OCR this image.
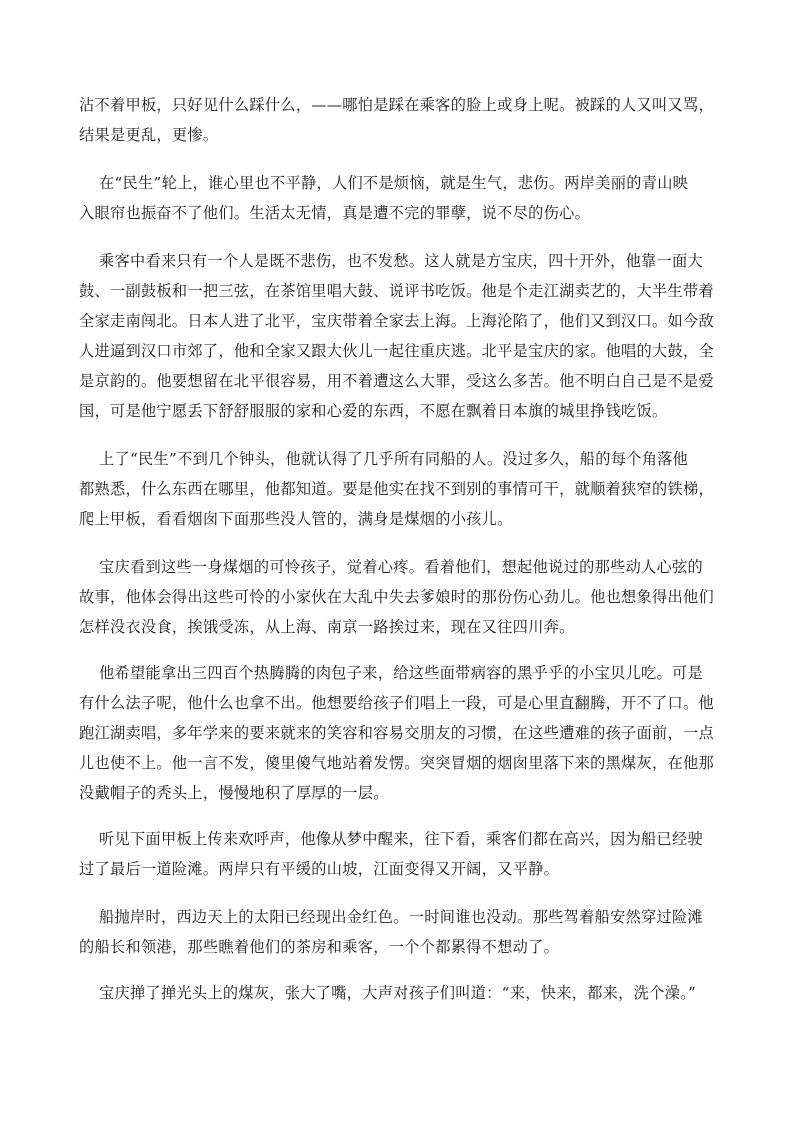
沾不着甲板，只好见什么踩什么，——哪怕是踩在乘客的脸上或身上呢。被踩的人又叫又骂，
结果是更乱，更惨。

在“民生”轮上，谁心里也不平静，人们不是烦恼，就是生气，悲伤。两岸美丽的青山映
入眼帘也振奋不了他们。生活太无情，真是遭不完的罪孽，说不尽的伤心。

乘客中看来只有一个人是既不悲伤，也不发愁。这人就是方宝庆，四十开外，他靠一面大
鼓、一副鼓板和一把三弦，在茶馆里唱大鼓、说评书吃饭。他是个走江湖卖艺的，大半生带着
全家走南闯北。日本人进了北平，宝庆带着全家去上海。上海沦陷了，他们又到汉口。如今敌
人进逼到汉口市郊了，他和全家又跟大伙儿一起往重庆逃。北平是宝庆的家。他唱的大鼓，全
是京韵的。他要想留在北平很容易，用不着遭这么大罪，受这么多苦。他不明白自己是不是爱
国，可是他宁愿丢下舒舒服服的家和心爱的东西，不愿在飘着日本旗的城里挣钱吃饭。

上了“民生”不到几个钟头，他就认得了几乎所有同船的人。没过多久，船的每个角落他
都熟悉，什么东西在哪里，他都知道。要是他实在找不到别的事情可干，就顺着狭窄的铁梯，
爬上甲板，看看烟囱下面那些没人管的，满身是煤烟的小孩儿。

宝庆看到这些一身煤烟的可怜孩子，觉着心疼。看着他们，想起他说过的那些动人心弦的
故事，他体会得出这些可怜的小家伙在大乱中失去爹娘时的那份伤心劲儿。他也想象得出他们
怎样没衣没食，挨饿受冻，从上海、南京一路挨过来，现在又往四川奔。

他希望能拿出三四百个热腾腾的肉包子来，给这些面带病容的黑乎乎的小宝贝儿吃。可是
有什么法子呢，他什么也拿不出。他想要给孩子们唱上一段，可是心里直翻腾，开不了口。他
跑江湖卖唱，多年学来的要来就来的笑容和容易交朋友的习惯，在这些遭难的孩子面前，一点
儿也使不上。他一言不发，傻里傻气地站着发愣。突突冒烟的烟囱里落下来的黑煤灰，在他那
没戴帽子的秃头上，慢慢地积了厚厚的一层。

听见下面甲板上传来欢呼声，他像从梦中醒来，往下看，乘客们都在高兴，因为船已经驶
过了最后一道险滩。两岸只有平缓的山坡，江面变得又开阔，又平静。

船抛岸时，西边天上的太阳已经现出金红色。一时间谁也没动。那些驾着船安然穿过险滩
的船长和领港，那些瞧着他们的茶房和乘客，一个个都累得不想动了。

宝庆掸了掸光头上的煤灰，张大了嘴，大声对孩子们叫道：“来，快来，都来，洗个澡。”
